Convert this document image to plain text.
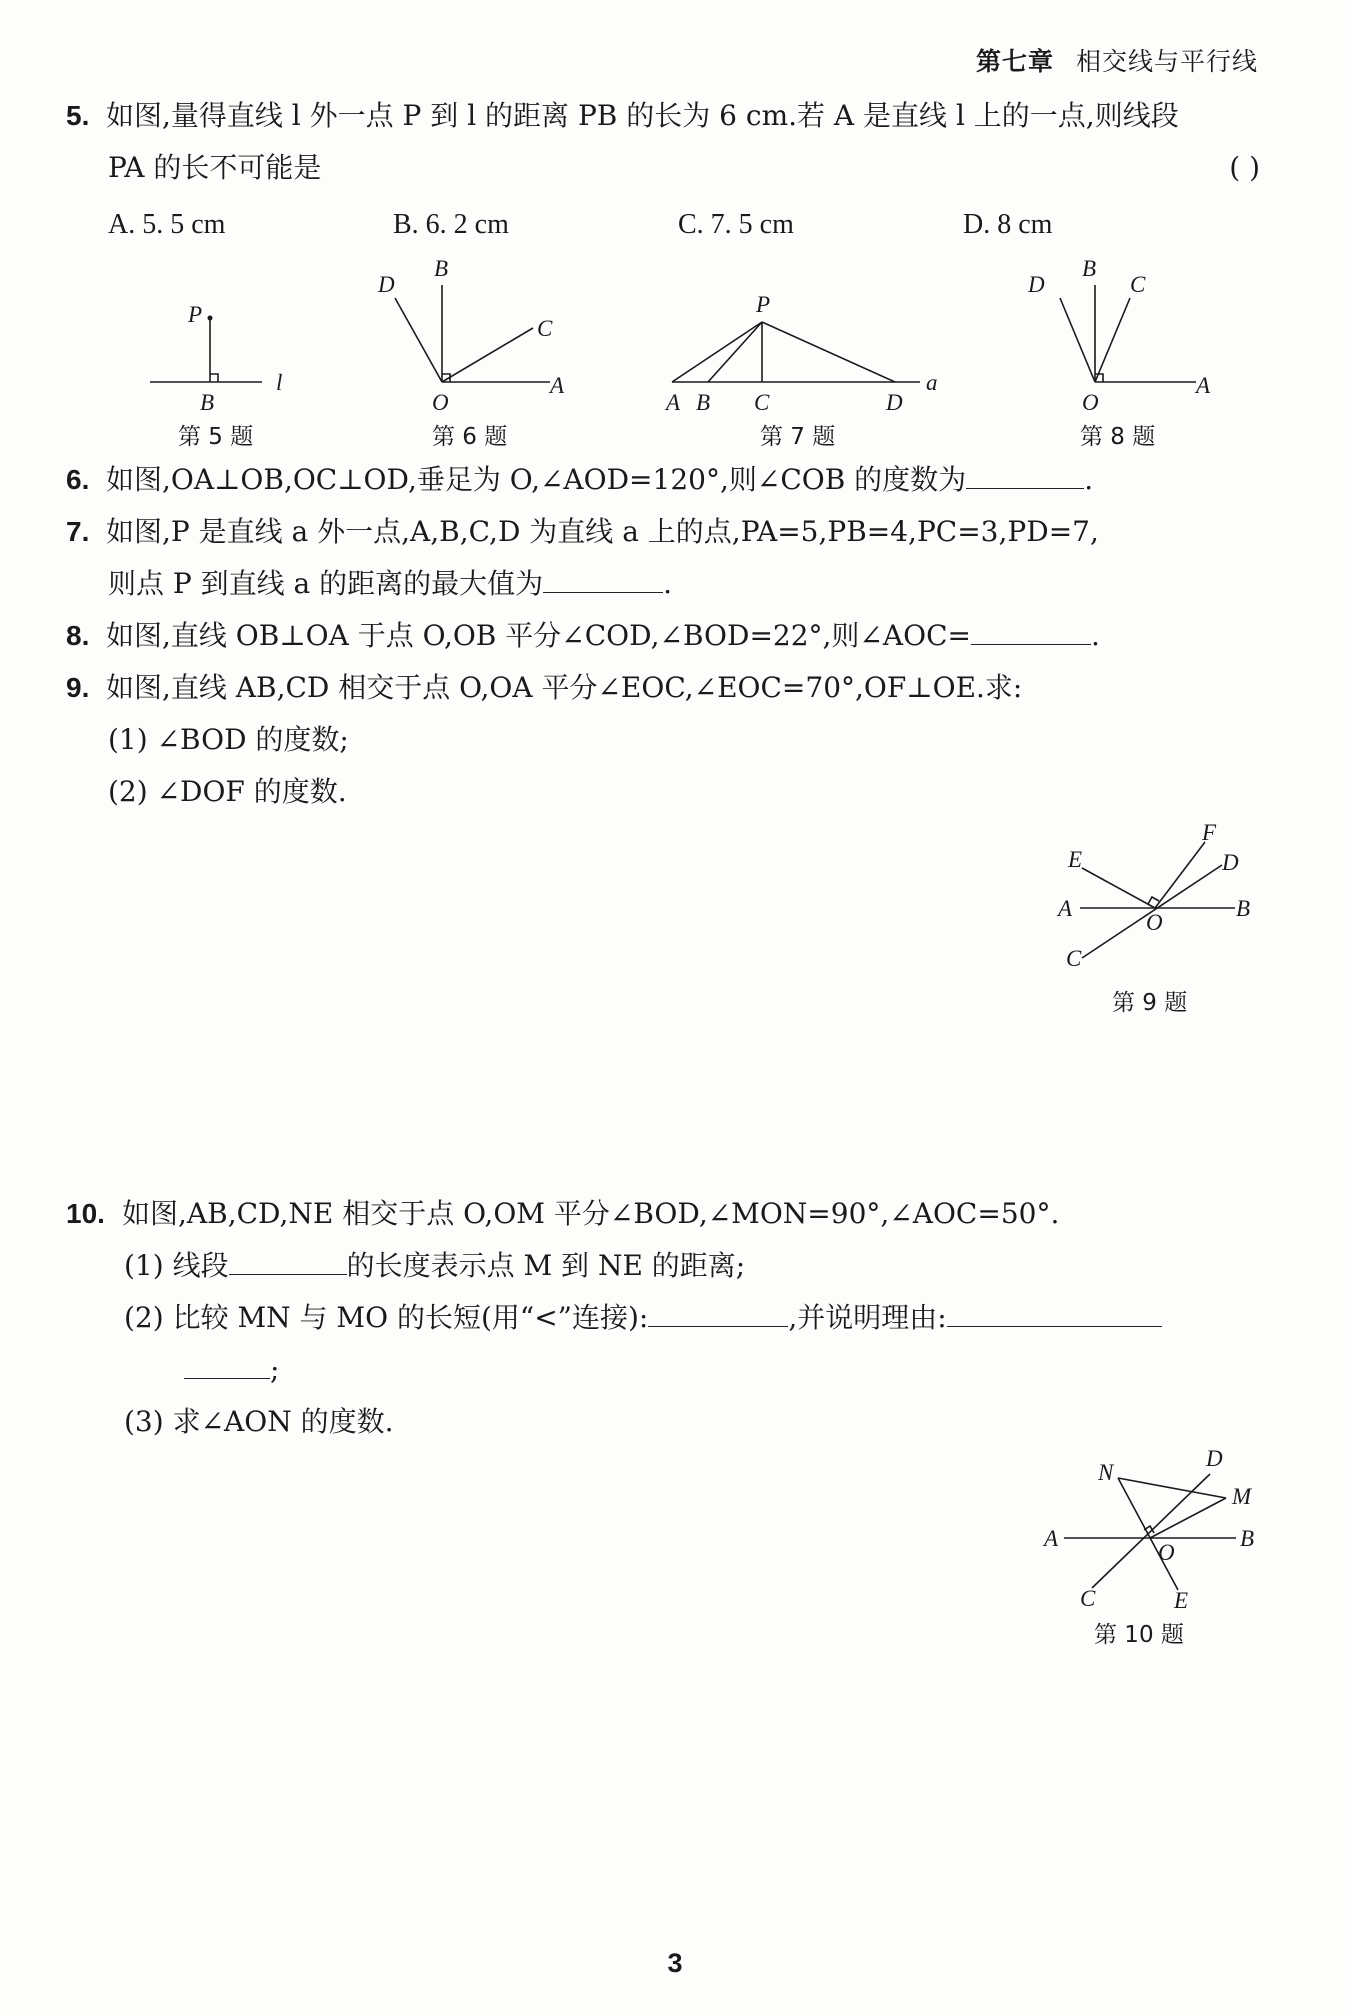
第七章 相交线与平行线
5. 如图,量得直线 l 外一点 P 到 l 的距离 PB 的长为 6 cm.若 A 是直线 l 上的一点,则线段
PA 的长不可能是	( )
A. 5. 5 cm	B. 6. 2 cm	C. 7. 5 cm	D. 8 cm
P
B
l
D
B
C
O
A
P
A B C	D
a
D
B
C
O
A
E
F
D
A
O
B
C
N
D
M
A
O
B
C	E
第 5 题	第 6 题	第 7 题	第 8 题
6. 如图,OA⊥OB,OC⊥OD,垂足为 O,∠AOD=120°,则∠COB 的度数为	.
7. 如图,P 是直线 a 外一点,A,B,C,D 为直线 a 上的点,PA=5,PB=4,PC=3,PD=7,
则点 P 到直线 a 的距离的最大值为	.
8. 如图,直线 OB⊥OA 于点 O,OB 平分∠COD,∠BOD=22°,则∠AOC=	.
9. 如图,直线 AB,CD 相交于点 O,OA 平分∠EOC,∠EOC=70°,OF⊥OE.求:
(1) ∠BOD 的度数;
(2) ∠DOF 的度数.
第 9 题
10. 如图,AB,CD,NE 相交于点 O,OM 平分∠BOD,∠MON=90°,∠AOC=50°.
(1) 线段	的长度表示点 M 到 NE 的距离;
(2) 比较 MN 与 MO 的长短(用“<”连接):	,并说明理由:
;
(3) 求∠AON 的度数.
第 10 题
3
